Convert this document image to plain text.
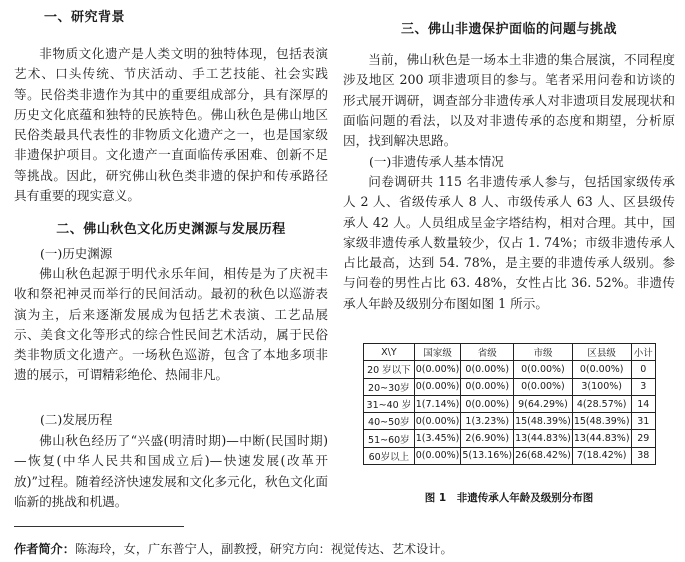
一、研究背景

非物质文化遗产是人类文明的独特体现，包括表演艺术、口头传统、节庆活动、手工艺技能、社会实践等。民俗类非遗作为其中的重要组成部分，具有深厚的历史文化底蕴和独特的民族特色。佛山秋色是佛山地区民俗类最具代表性的非物质文化遗产之一，也是国家级非遗保护项目。文化遗产一直面临传承困难、创新不足等挑战。因此，研究佛山秋色类非遗的保护和传承路径具有重要的现实意义。

二、佛山秋色文化历史渊源与发展历程
(一)历史渊源

佛山秋色起源于明代永乐年间，相传是为了庆祝丰收和祭祀神灵而举行的民间活动。最初的秋色以巡游表演为主，后来逐渐发展成为包括艺术表演、工艺品展示、美食文化等形式的综合性民间艺术活动，属于民俗类非物质文化遗产。一场秋色巡游，包含了本地多项非遗的展示，可谓精彩绝伦、热闹非凡。

(二)发展历程

佛山秋色经历了“兴盛(明清时期)—中断(民国时期)—恢复(中华人民共和国成立后)—快速发展(改革开放)”过程。随着经济快速发展和文化多元化，秋色文化面临新的挑战和机遇。

作者简介：陈海玲，女，广东普宁人，副教授，研究方向：视觉传达、艺术设计。
三、佛山非遗保护面临的问题与挑战

当前，佛山秋色是一场本土非遗的集合展演，不同程度涉及地区 200 项非遗项目的参与。笔者采用问卷和访谈的形式展开调研，调查部分非遗传承人对非遗项目发展现状和面临问题的看法，以及对非遗传承的态度和期望，分析原因，找到解决思路。

(一)非遗传承人基本情况

问卷调研共 115 名非遗传承人参与，包括国家级传承人 2 人、省级传承人 8 人、市级传承人 63 人、区县级传承人 42 人。人员组成呈金字塔结构，相对合理。其中，国家级非遗传承人数量较少，仅占 1. 74%；市级非遗传承人占比最高，达到 54. 78%，是主要的非遗传承人级别。参与问卷的男性占比 63. 48%，女性占比 36. 52%。非遗传承人年龄及级别分布图如图 1 所示。

X\Y	国家级	省级	市级	区县级	小计
20 岁以下	0(0.00%)	0(0.00%)	0(0.00%)	0(0.00%)	0
20~30岁	0(0.00%)	0(0.00%)	0(0.00%)	3(100%)	3
31~40 岁	1(7.14%)	0(0.00%)	9(64.29%)	4(28.57%)	14
40~50岁	0(0.00%)	1(3.23%)	15(48.39%)	15(48.39%)	31
51~60岁	1(3.45%)	2(6.90%)	13(44.83%)	13(44.83%)	29
60岁以上	0(0.00%)	5(13.16%)	26(68.42%)	7(18.42%)	38
图 1　非遗传承人年龄及级别分布图
